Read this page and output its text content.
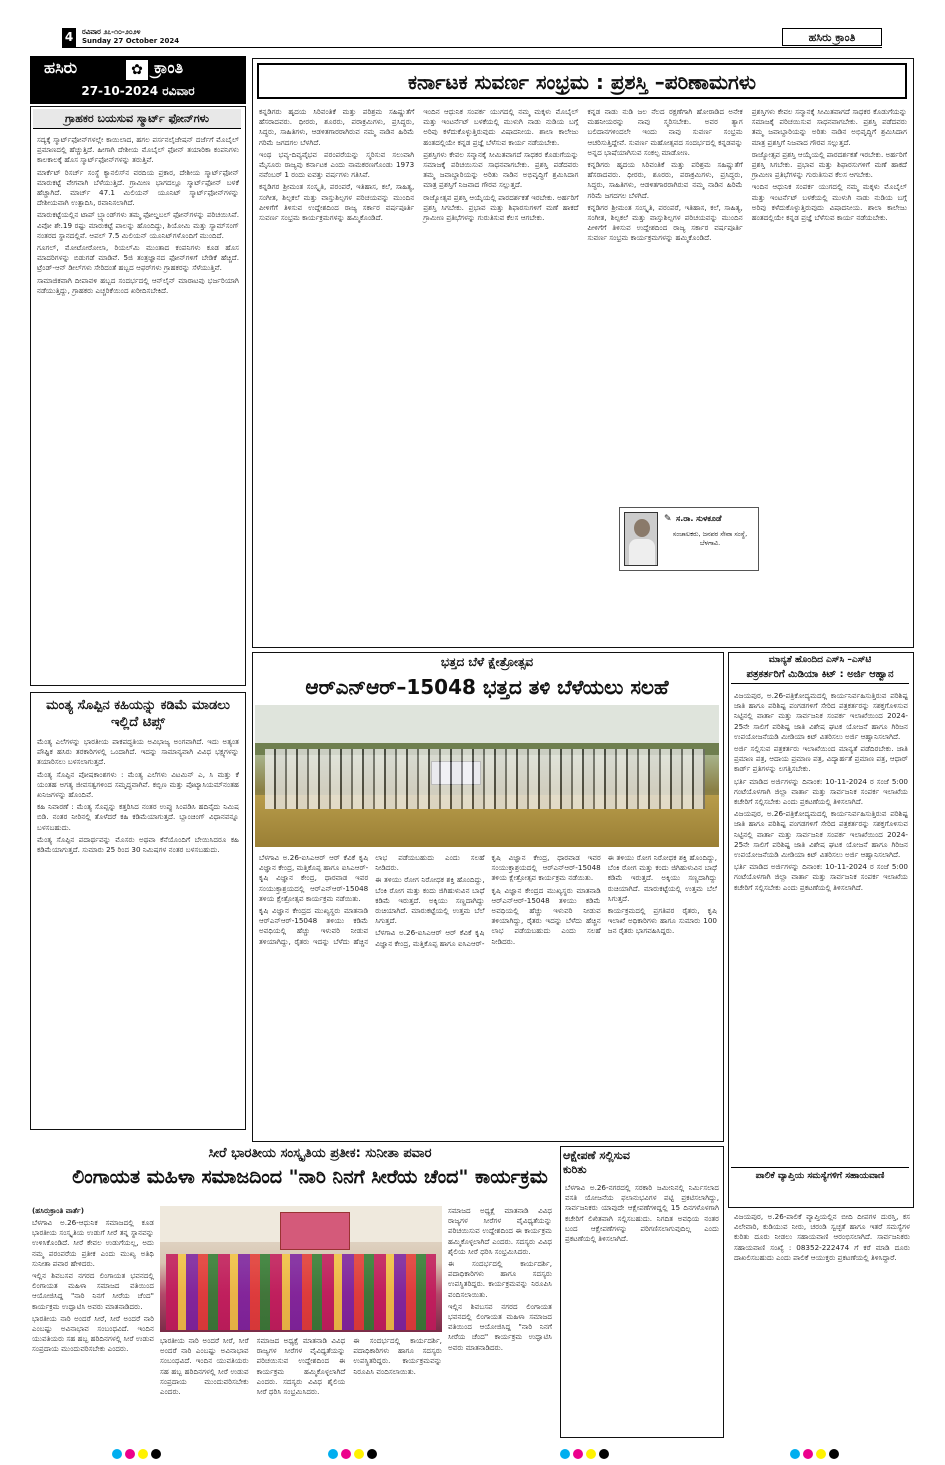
4	ರವಿವಾರ ೨೭-೧೦-೨೦೨೪
Sunday 27 October 2024	ಹಸಿರು ಕ್ರಾಂತಿ
ಹಸಿರು	✿ ಕ್ರಾಂತಿ
27-10-2024 ರವಿವಾರ
ಗ್ರಾಹಕರ ಬಯಸುವ ಸ್ಮಾರ್ಟ್ ಫೋನ್‌ಗಳು

ಸದ್ಯಕ್ಕೆ ಸ್ಮಾರ್ಟ್‌ಫೋನ್‌ಗಳಲ್ಲೇ ಕಾಯಿಲಾದ, ಹಗಲ ಪರ್ಸನಲೈಜೇಷನ್ ದರ್ಜೆಗೆ ಮೊಬೈಲ್ ಪ್ರಮಾಣದಲ್ಲಿ ಹೆಚ್ಚುತ್ತಿದೆ. ಹೀಗಾಗಿ ದೇಶೀಯ ಮೊಬೈಲ್ ಫೋನ್ ತಯಾರಿಕಾ ಕಂಪನಿಗಳು ಕಾಲಕಾಲಕ್ಕೆ ಹೊಸ ಸ್ಮಾರ್ಟ್‌ಫೋನ್‌ಗಳನ್ನು ತರುತ್ತಿವೆ.

ಮಾರ್ಕೆಟ್ ರಿಸರ್ಚ್ ಸಂಸ್ಥೆ ಕ್ಯಾನಲಿಸ್‌ನ ವರದಿಯ ಪ್ರಕಾರ, ದೇಶೀಯ ಸ್ಮಾರ್ಟ್‌ಫೋನ್ ಮಾರುಕಟ್ಟೆ ವೇಗವಾಗಿ ಬೆಳೆಯುತ್ತಿದೆ. ಗ್ರಾಮೀಣ ಭಾಗದಲ್ಲೂ ಸ್ಮಾರ್ಟ್‌ಫೋನ್ ಬಳಕೆ ಹೆಚ್ಚಾಗಿದೆ. ಮಾರ್ಚ್ 47.1 ಮಿಲಿಯನ್ ಯೂನಿಟ್ ಸ್ಮಾರ್ಟ್‌ಫೋನ್‌ಗಳನ್ನು ದೇಶೀಯವಾಗಿ ಉತ್ಪಾದಿಸಿ, ರವಾನಿಸಲಾಗಿದೆ.

ಮಾರುಕಟ್ಟೆಯಲ್ಲಿನ ಟಾಪ್ ಬ್ರ್ಯಾಂಡ್‌ಗಳು ತಮ್ಮ ಫೋಲ್ಡಬಲ್ ಫೋನ್‌ಗಳನ್ನು ಪರಿಚಯಿಸಿವೆ. ವಿವೋ ಶೇ.19 ರಷ್ಟು ಮಾರುಕಟ್ಟೆ ಪಾಲನ್ನು ಹೊಂದಿದ್ದು, ಶಿಯೋಮಿ ಮತ್ತು ಸ್ಯಾಮ್‌ಸಂಗ್ ನಂತರದ ಸ್ಥಾನದಲ್ಲಿವೆ. ಆಪಲ್ 7.5 ಮಿಲಿಯನ್ ಯೂನಿಟ್‌ಗಳೊಂದಿಗೆ ಮುಂದಿದೆ.

ಗೂಗಲ್, ಮೋಟೋರೋಲಾ, ರಿಯಲ್‌ಮಿ ಮುಂತಾದ ಕಂಪನಿಗಳು ಕೂಡ ಹೊಸ ಮಾದರಿಗಳನ್ನು ಬಿಡುಗಡೆ ಮಾಡಿವೆ. 5ಜಿ ತಂತ್ರಜ್ಞಾನದ ಫೋನ್‌ಗಳಿಗೆ ಬೇಡಿಕೆ ಹೆಚ್ಚಿದೆ. ಟ್ರೆಂಡ್-ಆನ್ ಡೀಲ್‌ಗಳು ಸೇರಿದಂತೆ ಹಬ್ಬದ ಆಫರ್‌ಗಳು ಗ್ರಾಹಕರನ್ನು ಸೆಳೆಯುತ್ತಿವೆ.

ಸಾಮಾಜಿಕವಾಗಿ ದೀಪಾವಳಿ ಹಬ್ಬದ ಸಂದರ್ಭದಲ್ಲಿ ಆನ್‌ಲೈನ್ ಮಾರಾಟವು ಭರ್ಜರಿಯಾಗಿ ನಡೆಯುತ್ತಿದ್ದು, ಗ್ರಾಹಕರು ಎಚ್ಚರಿಕೆಯಿಂದ ಖರೀದಿಸಬೇಕಿದೆ.

ಮಂತ್ಯ ಸೊಪ್ಪಿನ ಕಹಿಯನ್ನು ಕಡಿಮೆ ಮಾಡಲು ಇಲ್ಲಿದೆ ಟಿಪ್ಸ್

ಮೆಂತ್ಯ ಎಲೆಗಳನ್ನು ಭಾರತೀಯ ಪಾಕಪದ್ಧತಿಯ ಅವಿಭಾಜ್ಯ ಅಂಗವಾಗಿದೆ. ಇದು ಅತ್ಯಂತ ಪೌಷ್ಟಿಕ ಹಸಿರು ತರಕಾರಿಗಳಲ್ಲಿ ಒಂದಾಗಿದೆ. ಇದನ್ನು ಸಾಮಾನ್ಯವಾಗಿ ವಿವಿಧ ಭಕ್ಷ್ಯಗಳನ್ನು ತಯಾರಿಸಲು ಬಳಸಲಾಗುತ್ತದೆ.

ಮೆಂತ್ಯ ಸೊಪ್ಪಿನ ಪೋಷಕಾಂಶಗಳು : ಮೆಂತ್ಯ ಎಲೆಗಳು ವಿಟಮಿನ್ ಎ, ಸಿ ಮತ್ತು ಕೆ ಯಂತಹ ಅಗತ್ಯ ಜೀವಸತ್ವಗಳಿಂದ ಸಮೃದ್ಧವಾಗಿವೆ. ಕಬ್ಬಿಣ ಮತ್ತು ಪೊಟ್ಯಾಸಿಯಮ್‌ನಂತಹ ಖನಿಜಗಳನ್ನು ಹೊಂದಿವೆ.

ಕಹಿ ನಿವಾರಣೆ : ಮೆಂತ್ಯ ಸೊಪ್ಪನ್ನು ಕತ್ತರಿಸಿದ ನಂತರ ಉಪ್ಪು ಸಿಂಪಡಿಸಿ ಹದಿನೈದು ನಿಮಿಷ ಬಿಡಿ. ನಂತರ ನೀರಿನಲ್ಲಿ ತೊಳೆದರೆ ಕಹಿ ಕಡಿಮೆಯಾಗುತ್ತದೆ. ಬ್ಲಾಂಚಿಂಗ್ ವಿಧಾನವನ್ನೂ ಬಳಸಬಹುದು.

ಮೆಂತ್ಯ ಸೊಪ್ಪಿನ ಪದಾರ್ಥವನ್ನು ಮೊಸರು ಅಥವಾ ಕೆನೆಯೊಂದಿಗೆ ಬೇಯಿಸಿದರೂ ಕಹಿ ಕಡಿಮೆಯಾಗುತ್ತದೆ. ಸುಮಾರು 25 ರಿಂದ 30 ನಿಮಿಷಗಳ ನಂತರ ಬಳಸಬಹುದು.

ಕರ್ನಾಟಕ ಸುವರ್ಣ ಸಂಭ್ರಮ : ಪ್ರಶಸ್ತಿ –ಪರಿಣಾಮಗಳು

ಕನ್ನಡಿಗರು ಹೃದಯ ಸಿರಿವಂತಿಕೆ ಮತ್ತು ಪರಿಶ್ರಮ ಸಹಿಷ್ಣುತೆಗೆ ಹೆಸರಾದವರು. ಧೀರರು, ಶೂರರು, ಪರಾಕ್ರಮಿಗಳು, ಪ್ರಸಿದ್ಧರು, ಸಿದ್ಧರು, ಸಾಹಿತಿಗಳು, ಆಡಳಿತಗಾರರಾಗಿರುವ ನಮ್ಮ ನಾಡಿನ ಹಿರಿಮೆ ಗರಿಮೆ ಜಗದಗಲ ಬೆಳಗಿದೆ.

ಇಂಥ ಭವ್ಯ-ದಿವ್ಯವೈಭವ ಪರಂಪರೆಯನ್ನು ಸ್ಮರಿಸುವ ಸಲುವಾಗಿ ಮೈಸೂರು ರಾಜ್ಯವು ಕರ್ನಾಟಕ ಎಂದು ನಾಮಕರಣಗೊಂಡು 1973 ನವೆಂಬರ್ 1 ರಂದು ಐವತ್ತು ವರ್ಷಗಳು ಗತಿಸಿವೆ.

ಕನ್ನಡಿಗರ ಶ್ರೀಮಂತ ಸಂಸ್ಕೃತಿ, ಪರಂಪರೆ, ಇತಿಹಾಸ, ಕಲೆ, ಸಾಹಿತ್ಯ, ಸಂಗೀತ, ಶಿಲ್ಪಕಲೆ ಮತ್ತು ವಾಸ್ತುಶಿಲ್ಪಗಳ ಪರಿಚಯವನ್ನು ಮುಂದಿನ ಪೀಳಿಗೆಗೆ ತಿಳಿಸುವ ಉದ್ದೇಶದಿಂದ ರಾಜ್ಯ ಸರ್ಕಾರ ವರ್ಷಪೂರ್ತಿ ಸುವರ್ಣ ಸಂಭ್ರಮ ಕಾರ್ಯಕ್ರಮಗಳನ್ನು ಹಮ್ಮಿಕೊಂಡಿದೆ.

ಇಂದಿನ ಆಧುನಿಕ ಸಂಪರ್ಕ ಯುಗದಲ್ಲಿ ನಮ್ಮ ಮಕ್ಕಳು ಮೊಬೈಲ್ ಮತ್ತು ಇಂಟರ್ನೆಟ್ ಬಳಕೆಯಲ್ಲಿ ಮುಳುಗಿ ನಾಡು ನುಡಿಯ ಬಗ್ಗೆ ಅರಿವು ಕಳೆದುಕೊಳ್ಳುತ್ತಿರುವುದು ವಿಷಾದನೀಯ. ಶಾಲಾ ಕಾಲೇಜು ಹಂತದಲ್ಲಿಯೇ ಕನ್ನಡ ಪ್ರಜ್ಞೆ ಬೆಳೆಸುವ ಕಾರ್ಯ ನಡೆಯಬೇಕು.

ಪ್ರಶಸ್ತಿಗಳು ಕೇವಲ ಸನ್ಮಾನಕ್ಕೆ ಸೀಮಿತವಾಗದೆ ಸಾಧಕರ ಕೊಡುಗೆಯನ್ನು ಸಮಾಜಕ್ಕೆ ಪರಿಚಯಿಸುವ ಸಾಧನವಾಗಬೇಕು. ಪ್ರಶಸ್ತಿ ಪಡೆದವರು ತಮ್ಮ ಜವಾಬ್ದಾರಿಯನ್ನು ಅರಿತು ನಾಡಿನ ಅಭಿವೃದ್ಧಿಗೆ ಶ್ರಮಿಸಿದಾಗ ಮಾತ್ರ ಪ್ರಶಸ್ತಿಗೆ ನಿಜವಾದ ಗೌರವ ಸಲ್ಲುತ್ತದೆ.

ರಾಜ್ಯೋತ್ಸವ ಪ್ರಶಸ್ತಿ ಆಯ್ಕೆಯಲ್ಲಿ ಪಾರದರ್ಶಕತೆ ಇರಬೇಕು. ಅರ್ಹರಿಗೆ ಪ್ರಶಸ್ತಿ ಸಿಗಬೇಕು. ಪ್ರಭಾವ ಮತ್ತು ಶಿಫಾರಸುಗಳಿಗೆ ಮಣೆ ಹಾಕದೆ ಗ್ರಾಮೀಣ ಪ್ರತಿಭೆಗಳನ್ನು ಗುರುತಿಸುವ ಕೆಲಸ ಆಗಬೇಕು.

ಕನ್ನಡ ನಾಡು ನುಡಿ ಜಲ ನೆಲದ ರಕ್ಷಣೆಗಾಗಿ ಹೋರಾಡಿದ ಅನೇಕ ಮಹನೀಯರನ್ನು ನಾವು ಸ್ಮರಿಸಬೇಕು. ಅವರ ತ್ಯಾಗ ಬಲಿದಾನಗಳಿಂದಲೇ ಇಂದು ನಾವು ಸುವರ್ಣ ಸಂಭ್ರಮ ಆಚರಿಸುತ್ತಿದ್ದೇವೆ. ಸುವರ್ಣ ಮಹೋತ್ಸವದ ಸಂದರ್ಭದಲ್ಲಿ ಕನ್ನಡವನ್ನು ಅನ್ನದ ಭಾಷೆಯಾಗಿಸುವ ಸಂಕಲ್ಪ ಮಾಡೋಣ.

ಕನ್ನಡಿಗರು ಹೃದಯ ಸಿರಿವಂತಿಕೆ ಮತ್ತು ಪರಿಶ್ರಮ ಸಹಿಷ್ಣುತೆಗೆ ಹೆಸರಾದವರು. ಧೀರರು, ಶೂರರು, ಪರಾಕ್ರಮಿಗಳು, ಪ್ರಸಿದ್ಧರು, ಸಿದ್ಧರು, ಸಾಹಿತಿಗಳು, ಆಡಳಿತಗಾರರಾಗಿರುವ ನಮ್ಮ ನಾಡಿನ ಹಿರಿಮೆ ಗರಿಮೆ ಜಗದಗಲ ಬೆಳಗಿದೆ.

ಕನ್ನಡಿಗರ ಶ್ರೀಮಂತ ಸಂಸ್ಕೃತಿ, ಪರಂಪರೆ, ಇತಿಹಾಸ, ಕಲೆ, ಸಾಹಿತ್ಯ, ಸಂಗೀತ, ಶಿಲ್ಪಕಲೆ ಮತ್ತು ವಾಸ್ತುಶಿಲ್ಪಗಳ ಪರಿಚಯವನ್ನು ಮುಂದಿನ ಪೀಳಿಗೆಗೆ ತಿಳಿಸುವ ಉದ್ದೇಶದಿಂದ ರಾಜ್ಯ ಸರ್ಕಾರ ವರ್ಷಪೂರ್ತಿ ಸುವರ್ಣ ಸಂಭ್ರಮ ಕಾರ್ಯಕ್ರಮಗಳನ್ನು ಹಮ್ಮಿಕೊಂಡಿದೆ.

ಪ್ರಶಸ್ತಿಗಳು ಕೇವಲ ಸನ್ಮಾನಕ್ಕೆ ಸೀಮಿತವಾಗದೆ ಸಾಧಕರ ಕೊಡುಗೆಯನ್ನು ಸಮಾಜಕ್ಕೆ ಪರಿಚಯಿಸುವ ಸಾಧನವಾಗಬೇಕು. ಪ್ರಶಸ್ತಿ ಪಡೆದವರು ತಮ್ಮ ಜವಾಬ್ದಾರಿಯನ್ನು ಅರಿತು ನಾಡಿನ ಅಭಿವೃದ್ಧಿಗೆ ಶ್ರಮಿಸಿದಾಗ ಮಾತ್ರ ಪ್ರಶಸ್ತಿಗೆ ನಿಜವಾದ ಗೌರವ ಸಲ್ಲುತ್ತದೆ.

ರಾಜ್ಯೋತ್ಸವ ಪ್ರಶಸ್ತಿ ಆಯ್ಕೆಯಲ್ಲಿ ಪಾರದರ್ಶಕತೆ ಇರಬೇಕು. ಅರ್ಹರಿಗೆ ಪ್ರಶಸ್ತಿ ಸಿಗಬೇಕು. ಪ್ರಭಾವ ಮತ್ತು ಶಿಫಾರಸುಗಳಿಗೆ ಮಣೆ ಹಾಕದೆ ಗ್ರಾಮೀಣ ಪ್ರತಿಭೆಗಳನ್ನು ಗುರುತಿಸುವ ಕೆಲಸ ಆಗಬೇಕು.

ಇಂದಿನ ಆಧುನಿಕ ಸಂಪರ್ಕ ಯುಗದಲ್ಲಿ ನಮ್ಮ ಮಕ್ಕಳು ಮೊಬೈಲ್ ಮತ್ತು ಇಂಟರ್ನೆಟ್ ಬಳಕೆಯಲ್ಲಿ ಮುಳುಗಿ ನಾಡು ನುಡಿಯ ಬಗ್ಗೆ ಅರಿವು ಕಳೆದುಕೊಳ್ಳುತ್ತಿರುವುದು ವಿಷಾದನೀಯ. ಶಾಲಾ ಕಾಲೇಜು ಹಂತದಲ್ಲಿಯೇ ಕನ್ನಡ ಪ್ರಜ್ಞೆ ಬೆಳೆಸುವ ಕಾರ್ಯ ನಡೆಯಬೇಕು.

✎ ಸ.ರಾ. ಸುಳಕೂಡೆ
ಸಂಚಾಲಕರು, ಜನಪರ ಸೇವಾ ಸಂಸ್ಥೆ, ಬೆಳಗಾವಿ.
ಭತ್ತದ ಬೆಳೆ ಕ್ಷೇತ್ರೋತ್ಸವ
ಆರ್‌ಎನ್‌ಆರ್–15048 ಭತ್ತದ ತಳಿ ಬೆಳೆಯಲು ಸಲಹೆ

ಬೆಳಗಾವಿ ಅ.26-ಐಸಿಎಆರ್ ಆರ್ ಕೆವಿಕೆ ಕೃಷಿ ವಿಜ್ಞಾನ ಕೇಂದ್ರ, ಮತ್ತಿಕೊಪ್ಪ ಹಾಗೂ ಐಸಿಎಆರ್-ಕೃಷಿ ವಿಜ್ಞಾನ ಕೇಂದ್ರ, ಧಾರವಾಡ ಇವರ ಸಂಯುಕ್ತಾಶ್ರಯದಲ್ಲಿ ಆರ್‌ಎನ್‌ಆರ್-15048 ತಳಿಯ ಕ್ಷೇತ್ರೋತ್ಸವ ಕಾರ್ಯಕ್ರಮ ನಡೆಯಿತು.

ಕೃಷಿ ವಿಜ್ಞಾನ ಕೇಂದ್ರದ ಮುಖ್ಯಸ್ಥರು ಮಾತನಾಡಿ ಆರ್‌ಎನ್‌ಆರ್-15048 ತಳಿಯು ಕಡಿಮೆ ಅವಧಿಯಲ್ಲಿ ಹೆಚ್ಚು ಇಳುವರಿ ನೀಡುವ ತಳಿಯಾಗಿದ್ದು, ರೈತರು ಇದನ್ನು ಬೆಳೆದು ಹೆಚ್ಚಿನ ಲಾಭ ಪಡೆಯಬಹುದು ಎಂದು ಸಲಹೆ ನೀಡಿದರು.

ಈ ತಳಿಯು ರೋಗ ನಿರೋಧಕ ಶಕ್ತಿ ಹೊಂದಿದ್ದು, ಬೆಂಕಿ ರೋಗ ಮತ್ತು ಕಂದು ಜಿಗಿಹುಳುವಿನ ಬಾಧೆ ಕಡಿಮೆ ಇರುತ್ತದೆ. ಅಕ್ಕಿಯು ಸಣ್ಣದಾಗಿದ್ದು ರುಚಿಯಾಗಿದೆ. ಮಾರುಕಟ್ಟೆಯಲ್ಲಿ ಉತ್ತಮ ಬೆಲೆ ಸಿಗುತ್ತದೆ.

ಬೆಳಗಾವಿ ಅ.26-ಐಸಿಎಆರ್ ಆರ್ ಕೆವಿಕೆ ಕೃಷಿ ವಿಜ್ಞಾನ ಕೇಂದ್ರ, ಮತ್ತಿಕೊಪ್ಪ ಹಾಗೂ ಐಸಿಎಆರ್-ಕೃಷಿ ವಿಜ್ಞಾನ ಕೇಂದ್ರ, ಧಾರವಾಡ ಇವರ ಸಂಯುಕ್ತಾಶ್ರಯದಲ್ಲಿ ಆರ್‌ಎನ್‌ಆರ್-15048 ತಳಿಯ ಕ್ಷೇತ್ರೋತ್ಸವ ಕಾರ್ಯಕ್ರಮ ನಡೆಯಿತು.

ಕೃಷಿ ವಿಜ್ಞಾನ ಕೇಂದ್ರದ ಮುಖ್ಯಸ್ಥರು ಮಾತನಾಡಿ ಆರ್‌ಎನ್‌ಆರ್-15048 ತಳಿಯು ಕಡಿಮೆ ಅವಧಿಯಲ್ಲಿ ಹೆಚ್ಚು ಇಳುವರಿ ನೀಡುವ ತಳಿಯಾಗಿದ್ದು, ರೈತರು ಇದನ್ನು ಬೆಳೆದು ಹೆಚ್ಚಿನ ಲಾಭ ಪಡೆಯಬಹುದು ಎಂದು ಸಲಹೆ ನೀಡಿದರು.

ಈ ತಳಿಯು ರೋಗ ನಿರೋಧಕ ಶಕ್ತಿ ಹೊಂದಿದ್ದು, ಬೆಂಕಿ ರೋಗ ಮತ್ತು ಕಂದು ಜಿಗಿಹುಳುವಿನ ಬಾಧೆ ಕಡಿಮೆ ಇರುತ್ತದೆ. ಅಕ್ಕಿಯು ಸಣ್ಣದಾಗಿದ್ದು ರುಚಿಯಾಗಿದೆ. ಮಾರುಕಟ್ಟೆಯಲ್ಲಿ ಉತ್ತಮ ಬೆಲೆ ಸಿಗುತ್ತದೆ.

ಕಾರ್ಯಕ್ರಮದಲ್ಲಿ ಪ್ರಗತಿಪರ ರೈತರು, ಕೃಷಿ ಇಲಾಖೆ ಅಧಿಕಾರಿಗಳು ಹಾಗೂ ಸುಮಾರು 100 ಜನ ರೈತರು ಭಾಗವಹಿಸಿದ್ದರು.

ಮಾನ್ಯತೆ ಹೊಂದಿದ ಎಸ್‌ಸಿ –ಎಸ್‌ಟಿ
ಪತ್ರಕರ್ತರಿಗೆ ಮಿಡಿಯಾ ಕಿಟ್ : ಅರ್ಜಿ ಆಹ್ವಾನ

ವಿಜಯಪುರ, ಅ.26-ಪತ್ರಿಕೋದ್ಯಮದಲ್ಲಿ ಕಾರ್ಯನಿರ್ವಹಿಸುತ್ತಿರುವ ಪರಿಶಿಷ್ಟ ಜಾತಿ ಹಾಗೂ ಪರಿಶಿಷ್ಟ ಪಂಗಡಗಳಿಗೆ ಸೇರಿದ ಪತ್ರಕರ್ತರನ್ನು ಸಶಕ್ತಗೊಳಿಸುವ ನಿಟ್ಟಿನಲ್ಲಿ ವಾರ್ತಾ ಮತ್ತು ಸಾರ್ವಜನಿಕ ಸಂಪರ್ಕ ಇಲಾಖೆಯಿಂದ 2024-25ನೇ ಸಾಲಿಗೆ ಪರಿಶಿಷ್ಟ ಜಾತಿ ವಿಶೇಷ ಘಟಕ ಯೋಜನೆ ಹಾಗೂ ಗಿರಿಜನ ಉಪಯೋಜನೆಯಡಿ ಮೀಡಿಯಾ ಕಿಟ್ ವಿತರಿಸಲು ಅರ್ಜಿ ಆಹ್ವಾನಿಸಲಾಗಿದೆ.

ಅರ್ಜಿ ಸಲ್ಲಿಸುವ ಪತ್ರಕರ್ತರು ಇಲಾಖೆಯಿಂದ ಮಾನ್ಯತೆ ಪಡೆದಿರಬೇಕು. ಜಾತಿ ಪ್ರಮಾಣ ಪತ್ರ, ಆದಾಯ ಪ್ರಮಾಣ ಪತ್ರ, ವಿದ್ಯಾರ್ಹತೆ ಪ್ರಮಾಣ ಪತ್ರ, ಆಧಾರ್ ಕಾರ್ಡ್ ಪ್ರತಿಗಳನ್ನು ಲಗತ್ತಿಸಬೇಕು.

ಭರ್ತಿ ಮಾಡಿದ ಅರ್ಜಿಗಳನ್ನು ದಿನಾಂಕ: 10-11-2024 ರ ಸಂಜೆ 5:00 ಗಂಟೆಯೊಳಗಾಗಿ ಜಿಲ್ಲಾ ವಾರ್ತಾ ಮತ್ತು ಸಾರ್ವಜನಿಕ ಸಂಪರ್ಕ ಇಲಾಖೆಯ ಕಚೇರಿಗೆ ಸಲ್ಲಿಸಬೇಕು ಎಂದು ಪ್ರಕಟಣೆಯಲ್ಲಿ ತಿಳಿಸಲಾಗಿದೆ.

ವಿಜಯಪುರ, ಅ.26-ಪತ್ರಿಕೋದ್ಯಮದಲ್ಲಿ ಕಾರ್ಯನಿರ್ವಹಿಸುತ್ತಿರುವ ಪರಿಶಿಷ್ಟ ಜಾತಿ ಹಾಗೂ ಪರಿಶಿಷ್ಟ ಪಂಗಡಗಳಿಗೆ ಸೇರಿದ ಪತ್ರಕರ್ತರನ್ನು ಸಶಕ್ತಗೊಳಿಸುವ ನಿಟ್ಟಿನಲ್ಲಿ ವಾರ್ತಾ ಮತ್ತು ಸಾರ್ವಜನಿಕ ಸಂಪರ್ಕ ಇಲಾಖೆಯಿಂದ 2024-25ನೇ ಸಾಲಿಗೆ ಪರಿಶಿಷ್ಟ ಜಾತಿ ವಿಶೇಷ ಘಟಕ ಯೋಜನೆ ಹಾಗೂ ಗಿರಿಜನ ಉಪಯೋಜನೆಯಡಿ ಮೀಡಿಯಾ ಕಿಟ್ ವಿತರಿಸಲು ಅರ್ಜಿ ಆಹ್ವಾನಿಸಲಾಗಿದೆ.

ಭರ್ತಿ ಮಾಡಿದ ಅರ್ಜಿಗಳನ್ನು ದಿನಾಂಕ: 10-11-2024 ರ ಸಂಜೆ 5:00 ಗಂಟೆಯೊಳಗಾಗಿ ಜಿಲ್ಲಾ ವಾರ್ತಾ ಮತ್ತು ಸಾರ್ವಜನಿಕ ಸಂಪರ್ಕ ಇಲಾಖೆಯ ಕಚೇರಿಗೆ ಸಲ್ಲಿಸಬೇಕು ಎಂದು ಪ್ರಕಟಣೆಯಲ್ಲಿ ತಿಳಿಸಲಾಗಿದೆ.

ಪಾಲಿಕೆ ವ್ಯಾಪ್ತಿಯ ಸಮಸ್ಯೆಗಳಿಗೆ ಸಹಾಯವಾಣಿ
ವಿಜಯಪುರ, ಅ.26-ಪಾಲಿಕೆ ವ್ಯಾಪ್ತಿಯಲ್ಲಿನ ಬೀದಿ ದೀಪಗಳ ದುರಸ್ತಿ, ಕಸ ವಿಲೇವಾರಿ, ಕುಡಿಯುವ ನೀರು, ಚರಂಡಿ ಸ್ವಚ್ಛತೆ ಹಾಗೂ ಇತರೆ ಸಮಸ್ಯೆಗಳ ಕುರಿತು ದೂರು ನೀಡಲು ಸಹಾಯವಾಣಿ ಆರಂಭಿಸಲಾಗಿದೆ. ಸಾರ್ವಜನಿಕರು ಸಹಾಯವಾಣಿ ಸಂಖ್ಯೆ : 08352-222474 ಗೆ ಕರೆ ಮಾಡಿ ದೂರು ದಾಖಲಿಸಬಹುದು ಎಂದು ಪಾಲಿಕೆ ಆಯುಕ್ತರು ಪ್ರಕಟಣೆಯಲ್ಲಿ ತಿಳಿಸಿದ್ದಾರೆ.
ಸೀರೆ ಭಾರತೀಯ ಸಂಸ್ಕೃತಿಯ ಪ್ರತೀಕ: ಸುನೀತಾ ಪವಾರ
ಲಿಂಗಾಯತ ಮಹಿಳಾ ಸಮಾಜದಿಂದ "ನಾರಿ ನಿನಗೆ ಸೀರೆಯ ಚೆಂದ" ಕಾರ್ಯಕ್ರಮ
(ಹಸಿರುಕ್ರಾಂತಿ ವಾರ್ತೆ)

ಬೆಳಗಾವಿ ಅ.26-ಆಧುನಿಕ ಸಮಾಜದಲ್ಲಿ ಕೂಡ ಭಾರತೀಯ ಸಂಸ್ಕೃತಿಯ ಉಡುಗೆ ಸೀರೆ ತನ್ನ ಸ್ಥಾನವನ್ನು ಉಳಿಸಿಕೊಂಡಿದೆ. ಸೀರೆ ಕೇವಲ ಉಡುಗೆಯಲ್ಲ, ಅದು ನಮ್ಮ ಪರಂಪರೆಯ ಪ್ರತೀಕ ಎಂದು ಮುಖ್ಯ ಅತಿಥಿ ಸುನೀತಾ ಪವಾರ ಹೇಳಿದರು.

ಇಲ್ಲಿನ ಶಿವಬಸವ ನಗರದ ಲಿಂಗಾಯತ ಭವನದಲ್ಲಿ ಲಿಂಗಾಯತ ಮಹಿಳಾ ಸಮಾಜದ ವತಿಯಿಂದ ಆಯೋಜಿಸಿದ್ದ "ನಾರಿ ನಿನಗೆ ಸೀರೆಯ ಚೆಂದ" ಕಾರ್ಯಕ್ರಮ ಉದ್ಘಾಟಿಸಿ ಅವರು ಮಾತನಾಡಿದರು.

ಭಾರತೀಯ ನಾರಿ ಅಂದರೆ ಸೀರೆ, ಸೀರೆ ಅಂದರೆ ನಾರಿ ಎಂಬಷ್ಟು ಅವಿನಾಭಾವ ಸಂಬಂಧವಿದೆ. ಇಂದಿನ ಯುವತಿಯರು ಸಹ ಹಬ್ಬ ಹರಿದಿನಗಳಲ್ಲಿ ಸೀರೆ ಉಡುವ ಸಂಪ್ರದಾಯ ಮುಂದುವರಿಸಬೇಕು ಎಂದರು.

ಭಾರತೀಯ ನಾರಿ ಅಂದರೆ ಸೀರೆ, ಸೀರೆ ಅಂದರೆ ನಾರಿ ಎಂಬಷ್ಟು ಅವಿನಾಭಾವ ಸಂಬಂಧವಿದೆ. ಇಂದಿನ ಯುವತಿಯರು ಸಹ ಹಬ್ಬ ಹರಿದಿನಗಳಲ್ಲಿ ಸೀರೆ ಉಡುವ ಸಂಪ್ರದಾಯ ಮುಂದುವರಿಸಬೇಕು ಎಂದರು.

ಸಮಾಜದ ಅಧ್ಯಕ್ಷೆ ಮಾತನಾಡಿ ವಿವಿಧ ರಾಜ್ಯಗಳ ಸೀರೆಗಳ ವೈವಿಧ್ಯತೆಯನ್ನು ಪರಿಚಯಿಸುವ ಉದ್ದೇಶದಿಂದ ಈ ಕಾರ್ಯಕ್ರಮ ಹಮ್ಮಿಕೊಳ್ಳಲಾಗಿದೆ ಎಂದರು. ಸದಸ್ಯರು ವಿವಿಧ ಶೈಲಿಯ ಸೀರೆ ಧರಿಸಿ ಸಂಭ್ರಮಿಸಿದರು.

ಈ ಸಂದರ್ಭದಲ್ಲಿ ಕಾರ್ಯದರ್ಶಿ, ಪದಾಧಿಕಾರಿಗಳು ಹಾಗೂ ಸದಸ್ಯರು ಉಪಸ್ಥಿತರಿದ್ದರು. ಕಾರ್ಯಕ್ರಮವನ್ನು ನಿರೂಪಿಸಿ ವಂದಿಸಲಾಯಿತು.

ಸಮಾಜದ ಅಧ್ಯಕ್ಷೆ ಮಾತನಾಡಿ ವಿವಿಧ ರಾಜ್ಯಗಳ ಸೀರೆಗಳ ವೈವಿಧ್ಯತೆಯನ್ನು ಪರಿಚಯಿಸುವ ಉದ್ದೇಶದಿಂದ ಈ ಕಾರ್ಯಕ್ರಮ ಹಮ್ಮಿಕೊಳ್ಳಲಾಗಿದೆ ಎಂದರು. ಸದಸ್ಯರು ವಿವಿಧ ಶೈಲಿಯ ಸೀರೆ ಧರಿಸಿ ಸಂಭ್ರಮಿಸಿದರು.

ಈ ಸಂದರ್ಭದಲ್ಲಿ ಕಾರ್ಯದರ್ಶಿ, ಪದಾಧಿಕಾರಿಗಳು ಹಾಗೂ ಸದಸ್ಯರು ಉಪಸ್ಥಿತರಿದ್ದರು. ಕಾರ್ಯಕ್ರಮವನ್ನು ನಿರೂಪಿಸಿ ವಂದಿಸಲಾಯಿತು.

ಇಲ್ಲಿನ ಶಿವಬಸವ ನಗರದ ಲಿಂಗಾಯತ ಭವನದಲ್ಲಿ ಲಿಂಗಾಯತ ಮಹಿಳಾ ಸಮಾಜದ ವತಿಯಿಂದ ಆಯೋಜಿಸಿದ್ದ "ನಾರಿ ನಿನಗೆ ಸೀರೆಯ ಚೆಂದ" ಕಾರ್ಯಕ್ರಮ ಉದ್ಘಾಟಿಸಿ ಅವರು ಮಾತನಾಡಿದರು.

ಆಕ್ಷೇಪಣೆ ಸಲ್ಲಿಸುವ ಕುರಿತು
ಬೆಳಗಾವಿ ಅ.26-ನಗರದಲ್ಲಿ ಸರಕಾರಿ ಜಮೀನಿನಲ್ಲಿ ನಿರ್ಮಿಸಲಾದ ವಸತಿ ಯೋಜನೆಯ ಫಲಾನುಭವಿಗಳ ಪಟ್ಟಿ ಪ್ರಕಟಿಸಲಾಗಿದ್ದು, ಸಾರ್ವಜನಿಕರು ಯಾವುದೇ ಆಕ್ಷೇಪಣೆಗಳಿದ್ದಲ್ಲಿ 15 ದಿನಗಳೊಳಗಾಗಿ ಕಚೇರಿಗೆ ಲಿಖಿತವಾಗಿ ಸಲ್ಲಿಸಬಹುದು. ನಿಗದಿತ ಅವಧಿಯ ನಂತರ ಬಂದ ಆಕ್ಷೇಪಣೆಗಳನ್ನು ಪರಿಗಣಿಸಲಾಗುವುದಿಲ್ಲ ಎಂದು ಪ್ರಕಟಣೆಯಲ್ಲಿ ತಿಳಿಸಲಾಗಿದೆ.
